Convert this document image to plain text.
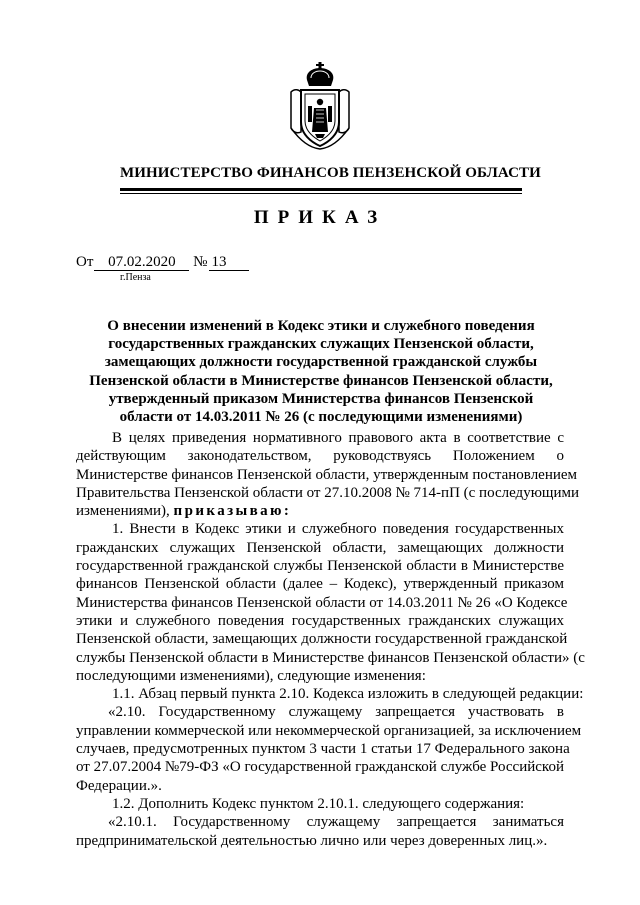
МИНИСТЕРСТВО ФИНАНСОВ ПЕНЗЕНСКОЙ ОБЛАСТИ
ПРИКАЗ
От 07.02.2020 № 13
г.Пенза
О внесении изменений в Кодекс этики и служебного поведения
государственных гражданских служащих Пензенской области,
замещающих должности государственной гражданской службы
Пензенской области в Министерстве финансов Пензенской области,
утвержденный приказом Министерства финансов Пензенской
области от 14.03.2011 № 26 (с последующими изменениями)
В целях приведения нормативного правового акта в соответствие с
действующим законодательством, руководствуясь Положением о
Министерстве финансов Пензенской области, утвержденным постановлением
Правительства Пензенской области от 27.10.2008 № 714-пП (с последующими
изменениями), приказываю:
1. Внести в Кодекс этики и служебного поведения государственных
гражданских служащих Пензенской области, замещающих должности
государственной гражданской службы Пензенской области в Министерстве
финансов Пензенской области (далее – Кодекс), утвержденный приказом
Министерства финансов Пензенской области от 14.03.2011 № 26 «О Кодексе
этики и служебного поведения государственных гражданских служащих
Пензенской области, замещающих должности государственной гражданской
службы Пензенской области в Министерстве финансов Пензенской области» (с
последующими изменениями), следующие изменения:
1.1. Абзац первый пункта 2.10. Кодекса изложить в следующей редакции:
«2.10. Государственному служащему запрещается участвовать в
управлении коммерческой или некоммерческой организацией, за исключением
случаев, предусмотренных пунктом 3 части 1 статьи 17 Федерального закона
от 27.07.2004 №79-ФЗ «О государственной гражданской службе Российской
Федерации.».
1.2. Дополнить Кодекс пунктом 2.10.1. следующего содержания:
«2.10.1. Государственному служащему запрещается заниматься
предпринимательской деятельностью лично или через доверенных лиц.».
